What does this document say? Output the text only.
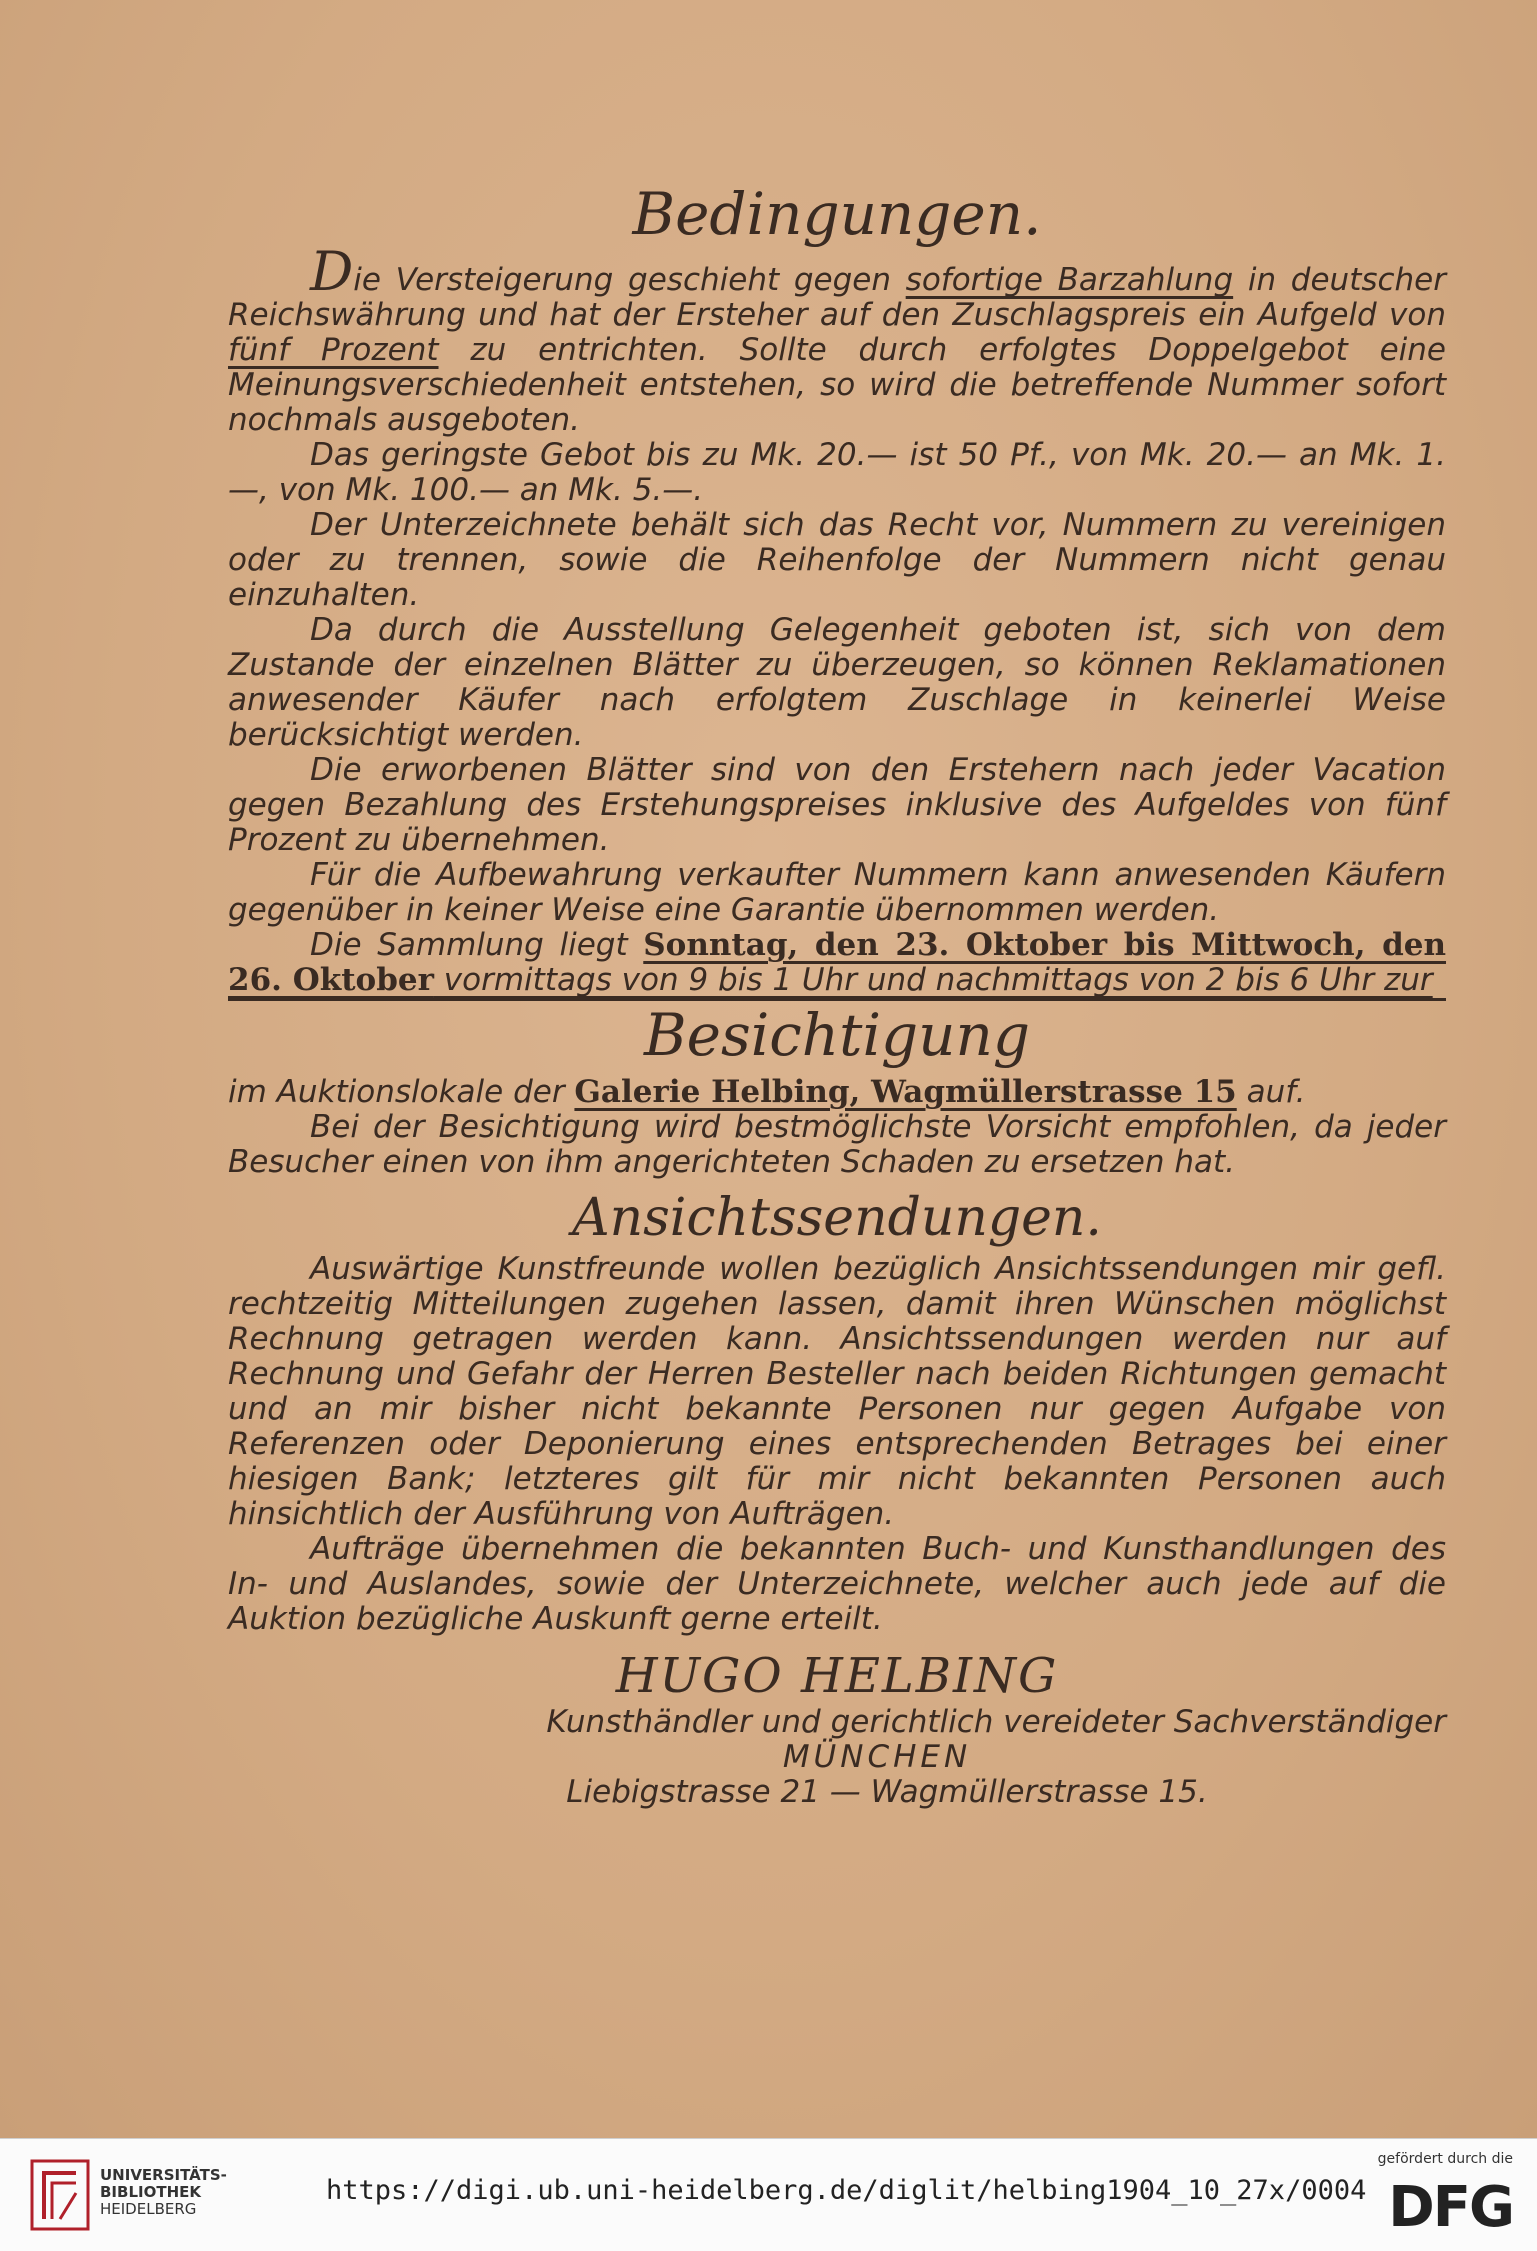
Bedingungen.

Die Versteigerung geschieht gegen sofortige Barzahlung in deutscher Reichswährung und hat der Ersteher auf den Zuschlagspreis ein Aufgeld von fünf Prozent zu entrichten. Sollte durch erfolgtes Doppelgebot eine Meinungsverschiedenheit entstehen, so wird die betreffende Nummer sofort nochmals ausgeboten.

Das geringste Gebot bis zu Mk. 20.— ist 50 Pf., von Mk. 20.— an Mk. 1.—, von Mk. 100.— an Mk. 5.—.

Der Unterzeichnete behält sich das Recht vor, Nummern zu vereinigen oder zu trennen, sowie die Reihenfolge der Nummern nicht genau einzuhalten.

Da durch die Ausstellung Gelegenheit geboten ist, sich von dem Zustande der einzelnen Blätter zu überzeugen, so können Reklamationen anwesender Käufer nach erfolgtem Zuschlage in keinerlei Weise berücksichtigt werden.

Die erworbenen Blätter sind von den Erstehern nach jeder Vacation gegen Bezahlung des Erstehungspreises inklusive des Aufgeldes von fünf Prozent zu übernehmen.

Für die Aufbewahrung verkaufter Nummern kann anwesenden Käufern gegenüber in keiner Weise eine Garantie übernommen werden.

Die Sammlung liegt Sonntag, den 23. Oktober bis Mittwoch, den 26. Oktober vormittags von 9 bis 1 Uhr und nachmittags von 2 bis 6 Uhr zur

Besichtigung

im Auktionslokale der Galerie Helbing, Wagmüllerstrasse 15 auf.

Bei der Besichtigung wird bestmöglichste Vorsicht empfohlen, da jeder Besucher einen von ihm angerichteten Schaden zu ersetzen hat.

Ansichtssendungen.

Auswärtige Kunstfreunde wollen bezüglich Ansichtssendungen mir gefl. rechtzeitig Mitteilungen zugehen lassen, damit ihren Wünschen möglichst Rechnung getragen werden kann. Ansichtssendungen werden nur auf Rechnung und Gefahr der Herren Besteller nach beiden Richtungen gemacht und an mir bisher nicht bekannte Personen nur gegen Aufgabe von Referenzen oder Deponierung eines entsprechenden Betrages bei einer hiesigen Bank; letzteres gilt für mir nicht bekannten Personen auch hinsichtlich der Ausführung von Aufträgen.

Aufträge übernehmen die bekannten Buch- und Kunsthandlungen des In- und Auslandes, sowie der Unterzeichnete, welcher auch jede auf die Auktion bezügliche Auskunft gerne erteilt.

HUGO HELBING
Kunsthändler und gerichtlich vereideter Sachverständiger
MÜNCHEN
Liebigstrasse 21 — Wagmüllerstrasse 15.
UNIVERSITÄTS-
BIBLIOTHEK
HEIDELBERG
https://digi.ub.uni-heidelberg.de/diglit/helbing1904_10_27x/0004
gefördert durch die
DFG
